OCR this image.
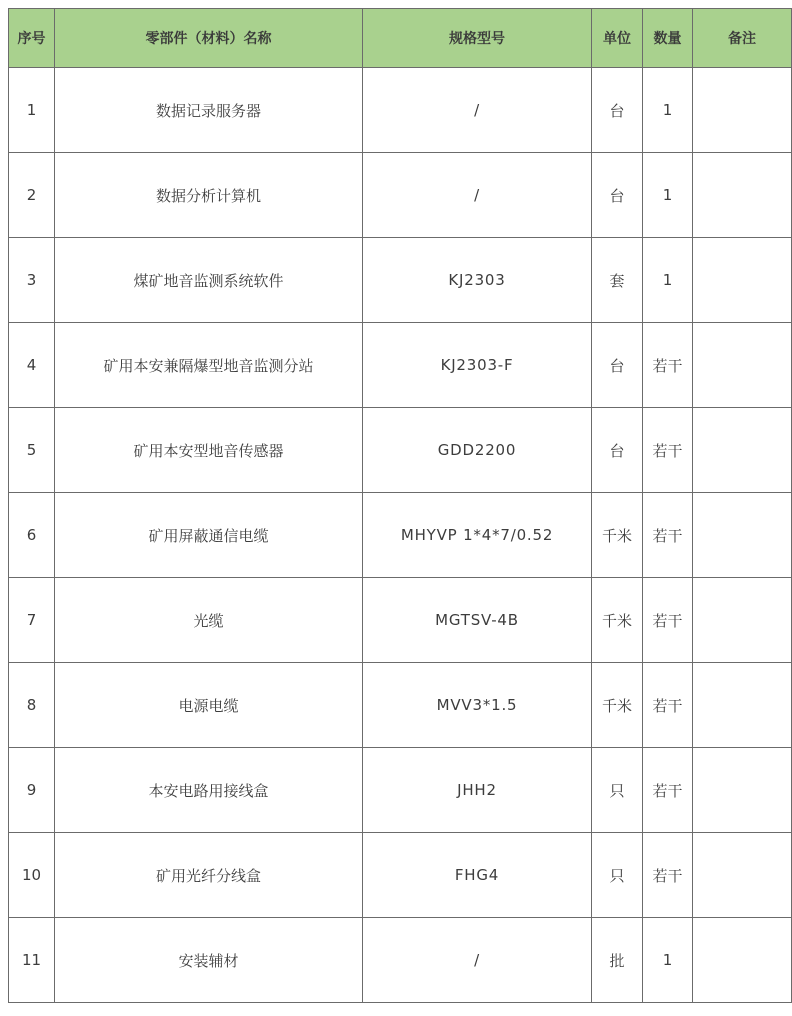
序号	零部件（材料）名称	规格型号	单位	数量	备注
1	数据记录服务器	/	台	1	
2	数据分析计算机	/	台	1	
3	煤矿地音监测系统软件	KJ2303	套	1	
4	矿用本安兼隔爆型地音监测分站	KJ2303-F	台	若干	
5	矿用本安型地音传感器	GDD2200	台	若干	
6	矿用屏蔽通信电缆	MHYVP 1*4*7/0.52	千米	若干	
7	光缆	MGTSV-4B	千米	若干	
8	电源电缆	MVV3*1.5	千米	若干	
9	本安电路用接线盒	JHH2	只	若干	
10	矿用光纤分线盒	FHG4	只	若干	
11	安装辅材	/	批	1	
